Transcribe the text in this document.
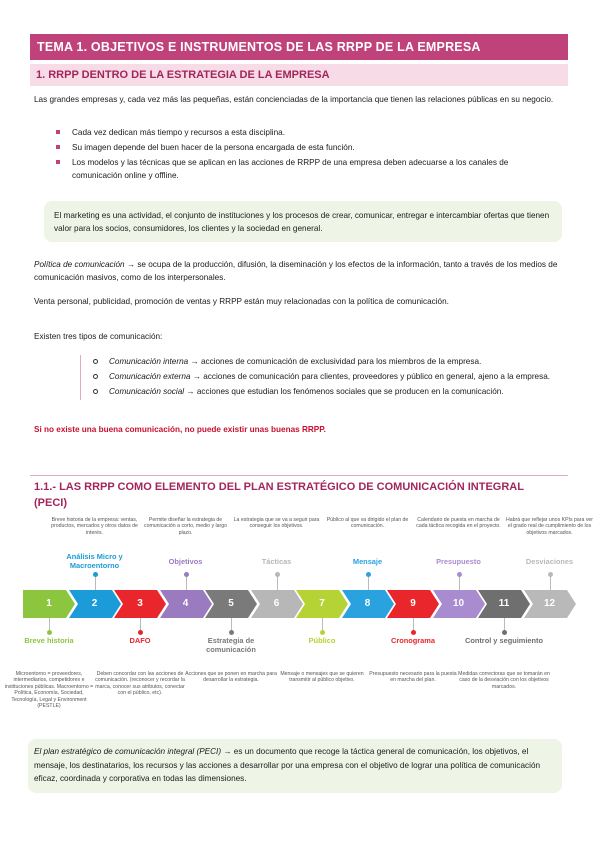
TEMA 1. OBJETIVOS E INSTRUMENTOS DE LAS RRPP DE LA EMPRESA
1. RRPP DENTRO DE LA ESTRATEGIA DE LA EMPRESA
Las grandes empresas y, cada vez más las pequeñas, están concienciadas de la importancia que tienen las relaciones públicas en su negocio.
Cada vez dedican más tiempo y recursos a esta disciplina.
Su imagen depende del buen hacer de la persona encargada de esta función.
Los modelos y las técnicas que se aplican en las acciones de RRPP de una empresa deben adecuarse a los canales de comunicación online y offline.
El marketing es una actividad, el conjunto de instituciones y los procesos de crear, comunicar, entregar e intercambiar ofertas que tienen valor para los socios, consumidores, los clientes y la sociedad en general.
Política de comunicación → se ocupa de la producción, difusión, la diseminación y los efectos de la información, tanto a través de los medios de comunicación masivos, como de los interpersonales.
Venta personal, publicidad, promoción de ventas y RRPP están muy relacionadas con la política de comunicación.
Existen tres tipos de comunicación:
Comunicación interna → acciones de comunicación de exclusividad para los miembros de la empresa.
Comunicación externa → acciones de comunicación para clientes, proveedores y público en general, ajeno a la empresa.
Comunicación social → acciones que estudian los fenómenos sociales que se producen en la comunicación.
Si no existe una buena comunicación, no puede existir unas buenas RRPP.
1.1.- LAS RRPP COMO ELEMENTO DEL PLAN ESTRATÉGICO DE COMUNICACIÓN INTEGRAL (PECI)
1
Breve historia
Microentorno = proveedores, intermediarios, competidores e instituciones públicas. Macroentorno = Política, Economía, Sociedad, Tecnología, Legal y Environment (PESTLE)
2
Análisis Micro y Macroentorno
Breve historia de la empresa: ventas, productos, mercados y otros datos de interés.
3
DAFO
Deben concordar con las acciones de comunicación. (reconocer y recordar la marca, conocer sus atributos, conectar con el público, etc).
4
Objetivos
Permite diseñar la estrategia de comunicación a corto, medio y largo plazo.
5
Estrategia de comunicación
Acciones que se ponen en marcha para desarrollar la estrategia.
6
Tácticas
La estrategia que se va a seguir para conseguir los objetivos.
7
Público
Mensaje o mensajes que se quieren transmitir al público objetivo.
8
Mensaje
Público al que va dirigido el plan de comunicación.
9
Cronograma
Presupuesto necesario para la puesta en marcha del plan.
10
Presupuesto
Calendario de puesta en marcha de cada táctica recogida en el proyecto.
11
Control y seguimiento
Medidas correctoras que se tomarán en caso de la desviación con los objetivos marcados.
12
Desviaciones
Habrá que reflejar unos KPIs para ver el grado real de cumplimiento de los objetivos marcados.
El plan estratégico de comunicación integral (PECI) → es un documento que recoge la táctica general de comunicación, los objetivos, el mensaje, los destinatarios, los recursos y las acciones a desarrollar por una empresa con el objetivo de lograr una política de comunicación eficaz, coordinada y corporativa en todas las dimensiones.
